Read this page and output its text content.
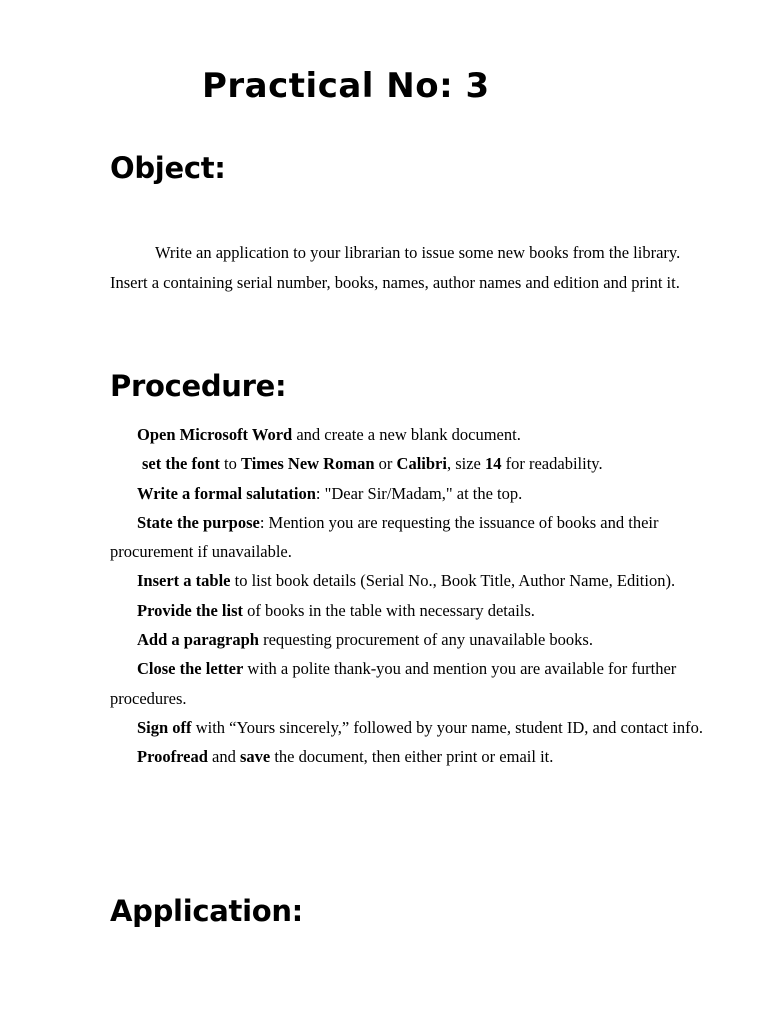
Practical No: 3
Object:

Write an application to your librarian to issue some new books from the library. Insert a containing serial number, books, names, author names and edition and print it.

Procedure:
Open Microsoft Word and create a new blank document.
set the font to Times New Roman or Calibri, size 14 for readability.
Write a formal salutation: "Dear Sir/Madam," at the top.
State the purpose: Mention you are requesting the issuance of books and their procurement if unavailable.
Insert a table to list book details (Serial No., Book Title, Author Name, Edition).
Provide the list of books in the table with necessary details.
Add a paragraph requesting procurement of any unavailable books.
Close the letter with a polite thank-you and mention you are available for further procedures.
Sign off with “Yours sincerely,” followed by your name, student ID, and contact info.
Proofread and save the document, then either print or email it.
Application:
